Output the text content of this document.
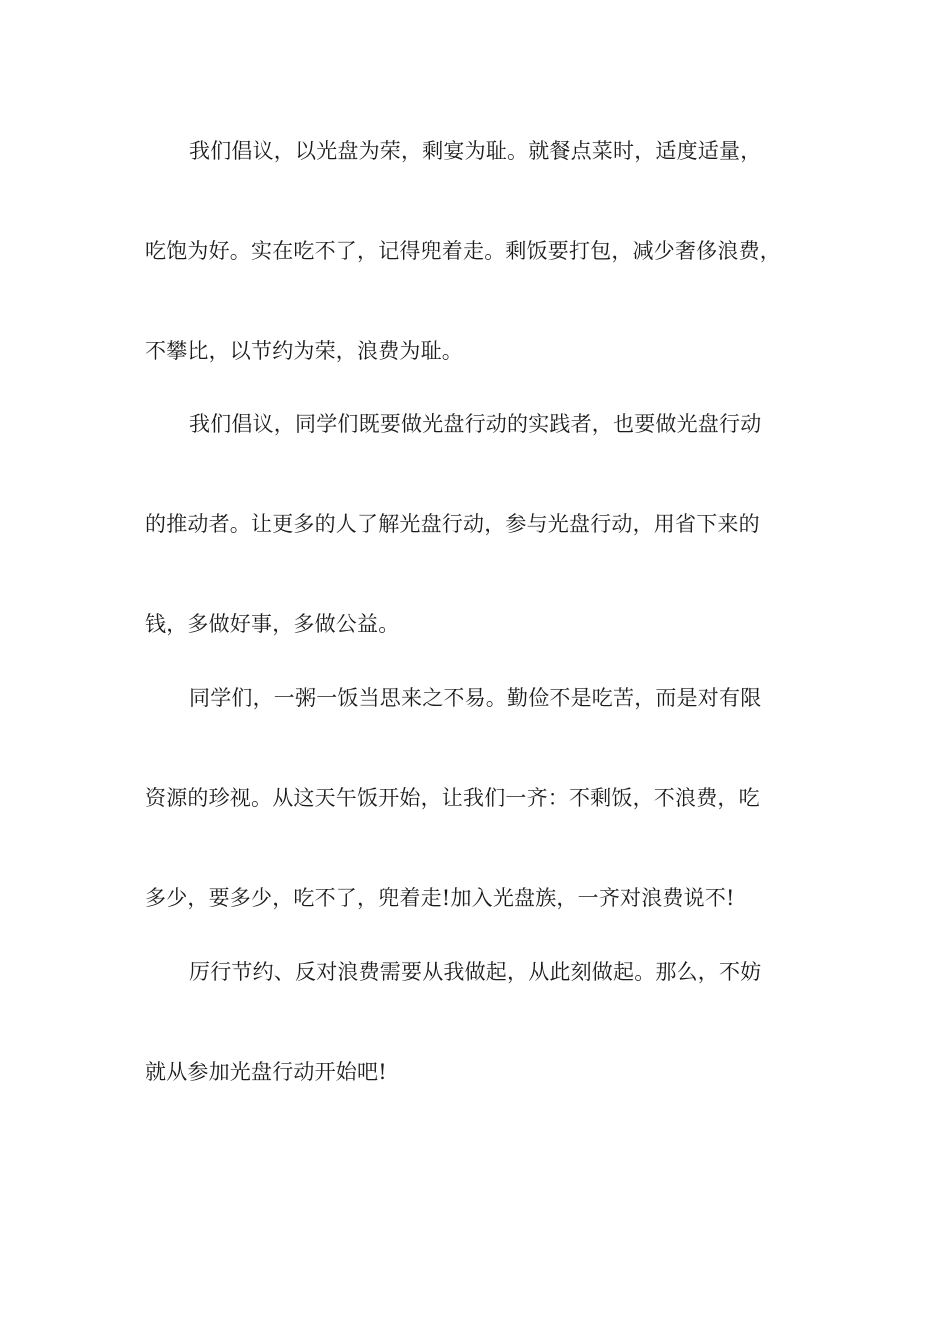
我们倡议，以光盘为荣，剩宴为耻。就餐点菜时，适度适量，
吃饱为好。实在吃不了，记得兜着走。剩饭要打包，减少奢侈浪费，
不攀比，以节约为荣，浪费为耻。
我们倡议，同学们既要做光盘行动的实践者，也要做光盘行动
的推动者。让更多的人了解光盘行动，参与光盘行动，用省下来的
钱，多做好事，多做公益。
同学们，一粥一饭当思来之不易。勤俭不是吃苦，而是对有限
资源的珍视。从这天午饭开始，让我们一齐：不剩饭，不浪费，吃
多少，要多少，吃不了，兜着走!加入光盘族，一齐对浪费说不!
厉行节约、反对浪费需要从我做起，从此刻做起。那么，不妨
就从参加光盘行动开始吧!
